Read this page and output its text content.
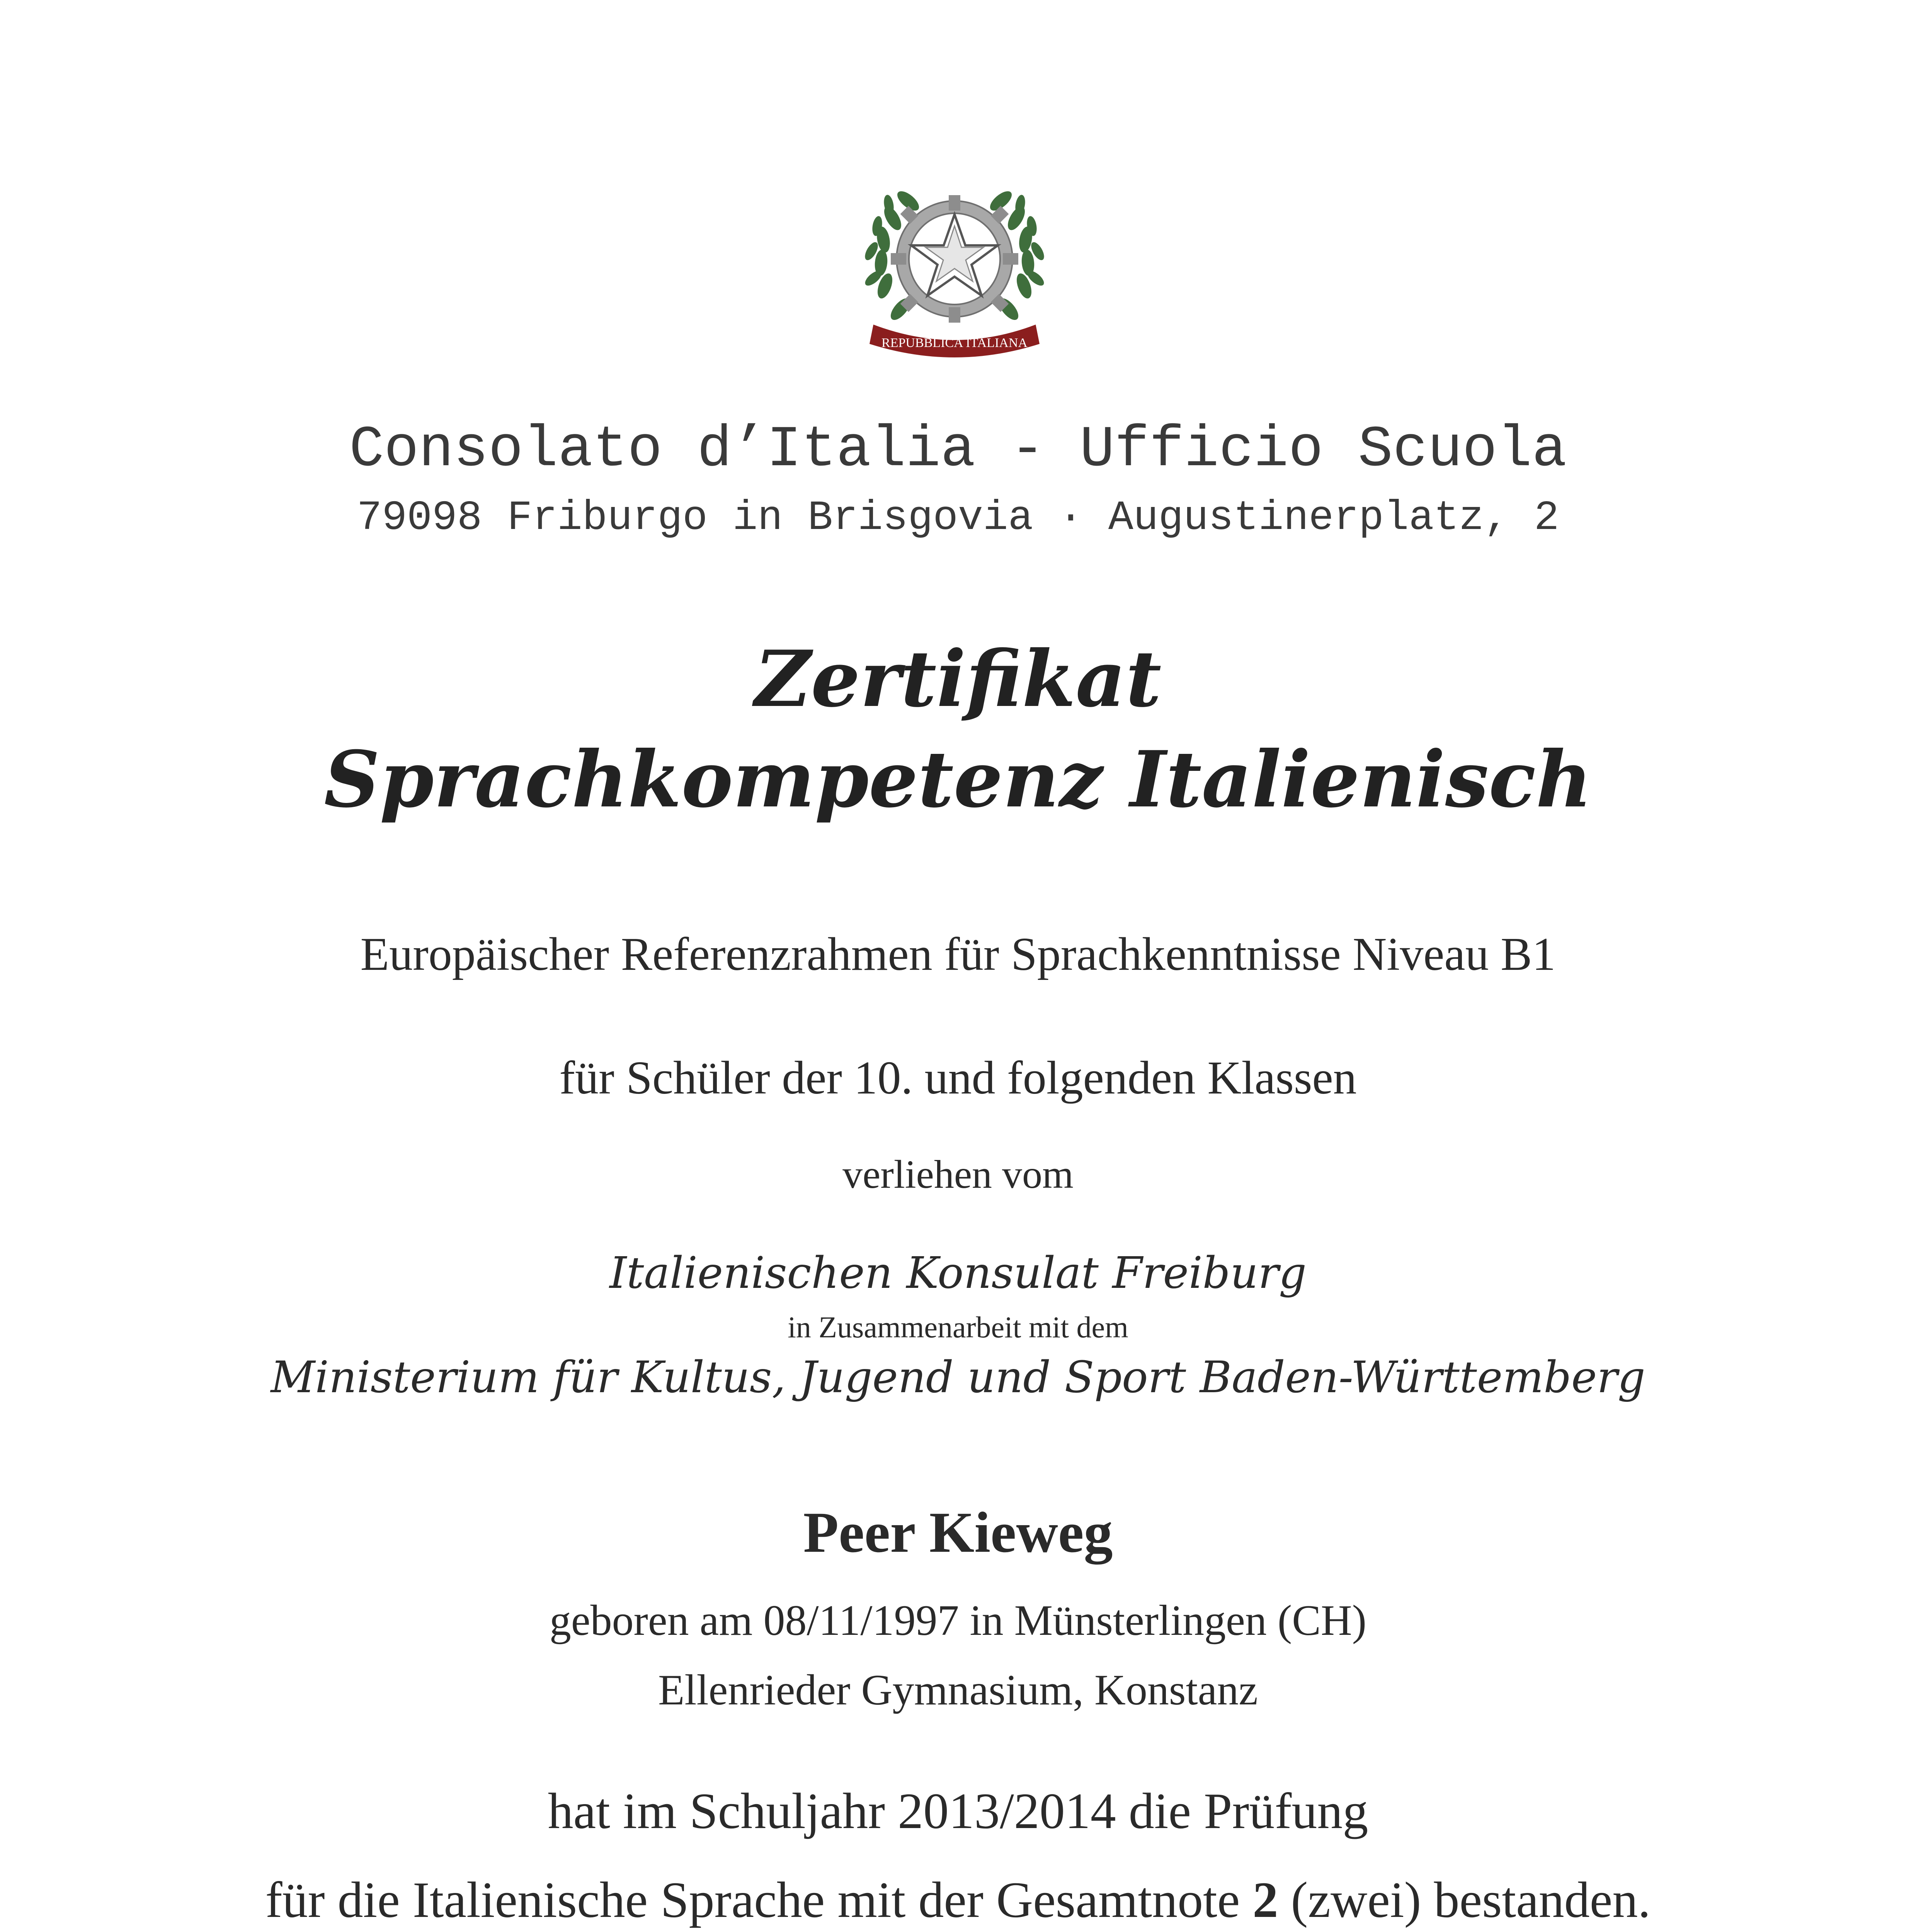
REPUBBLICA ITALIANA
Consolato d’Italia - Ufficio Scuola
79098 Friburgo in Brisgovia · Augustinerplatz, 2
Zertifikat
Sprachkompetenz Italienisch
Europäischer Referenzrahmen für Sprachkenntnisse Niveau B1
für Schüler der 10. und folgenden Klassen
verliehen vom
Italienischen Konsulat Freiburg
in Zusammenarbeit mit dem
Ministerium für Kultus, Jugend und Sport Baden-Württemberg
Peer Kieweg
geboren am 08/11/1997 in Münsterlingen (CH)
Ellenrieder Gymnasium, Konstanz
hat im Schuljahr 2013/2014 die Prüfung
für die Italienische Sprache mit der Gesamtnote 2 (zwei) bestanden.
